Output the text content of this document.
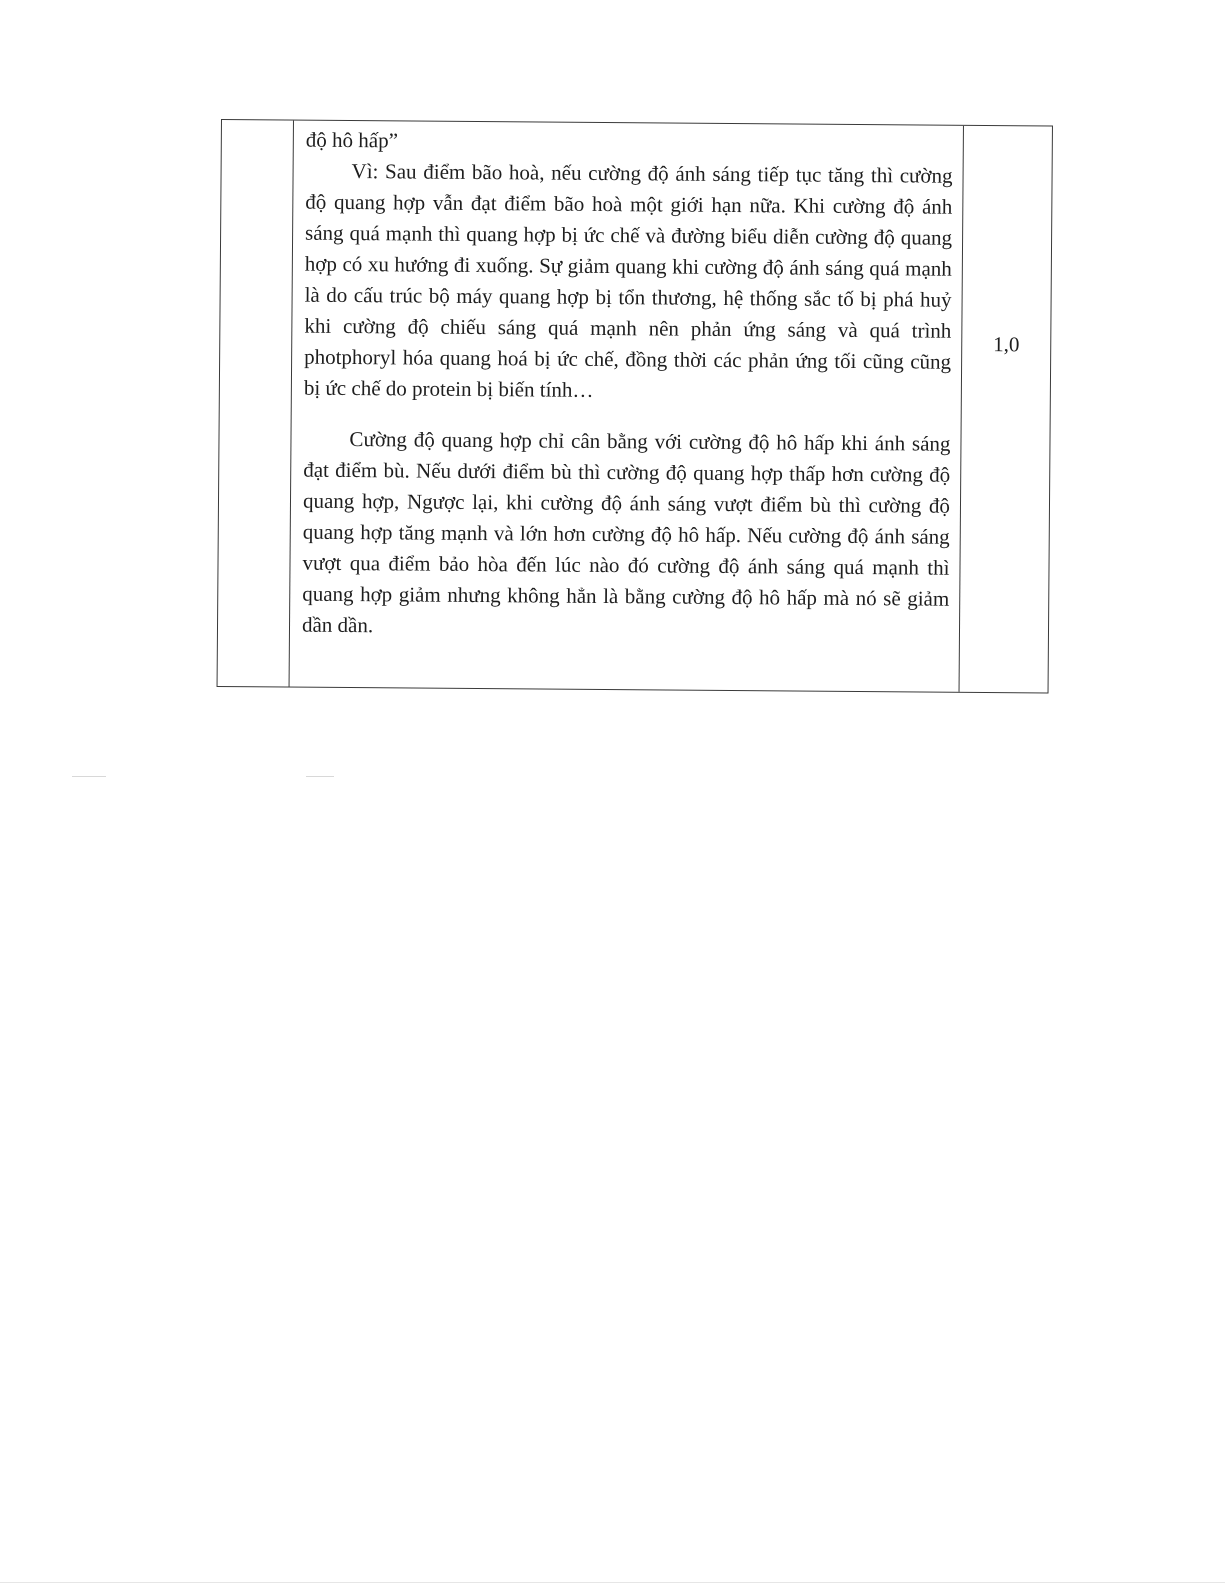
độ hô hấp”

Vì: Sau điểm bão hoà, nếu cường độ ánh sáng tiếp tục tăng thì cường độ quang hợp vẫn đạt điểm bão hoà một giới hạn nữa. Khi cường độ ánh sáng quá mạnh thì quang hợp bị ức chế và đường biểu diễn cường độ quang hợp có xu hướng đi xuống. Sự giảm quang khi cường độ ánh sáng quá mạnh là do cấu trúc bộ máy quang hợp bị tổn thương, hệ thống sắc tố bị phá huỷ khi cường độ chiếu sáng quá mạnh nên phản ứng sáng và quá trình photphoryl hóa quang hoá bị ức chế, đồng thời các phản ứng tối cũng cũng bị ức chế do protein bị biến tính…

Cường độ quang hợp chỉ cân bằng với cường độ hô hấp khi ánh sáng đạt điểm bù. Nếu dưới điểm bù thì cường độ quang hợp thấp hơn cường độ quang hợp, Ngược lại, khi cường độ ánh sáng vượt điểm bù thì cường độ quang hợp tăng mạnh và lớn hơn cường độ hô hấp. Nếu cường độ ánh sáng vượt qua điểm bảo hòa đến lúc nào đó cường độ ánh sáng quá mạnh thì quang hợp giảm nhưng không hẳn là bằng cường độ hô hấp mà nó sẽ giảm dần dần.

1,0
